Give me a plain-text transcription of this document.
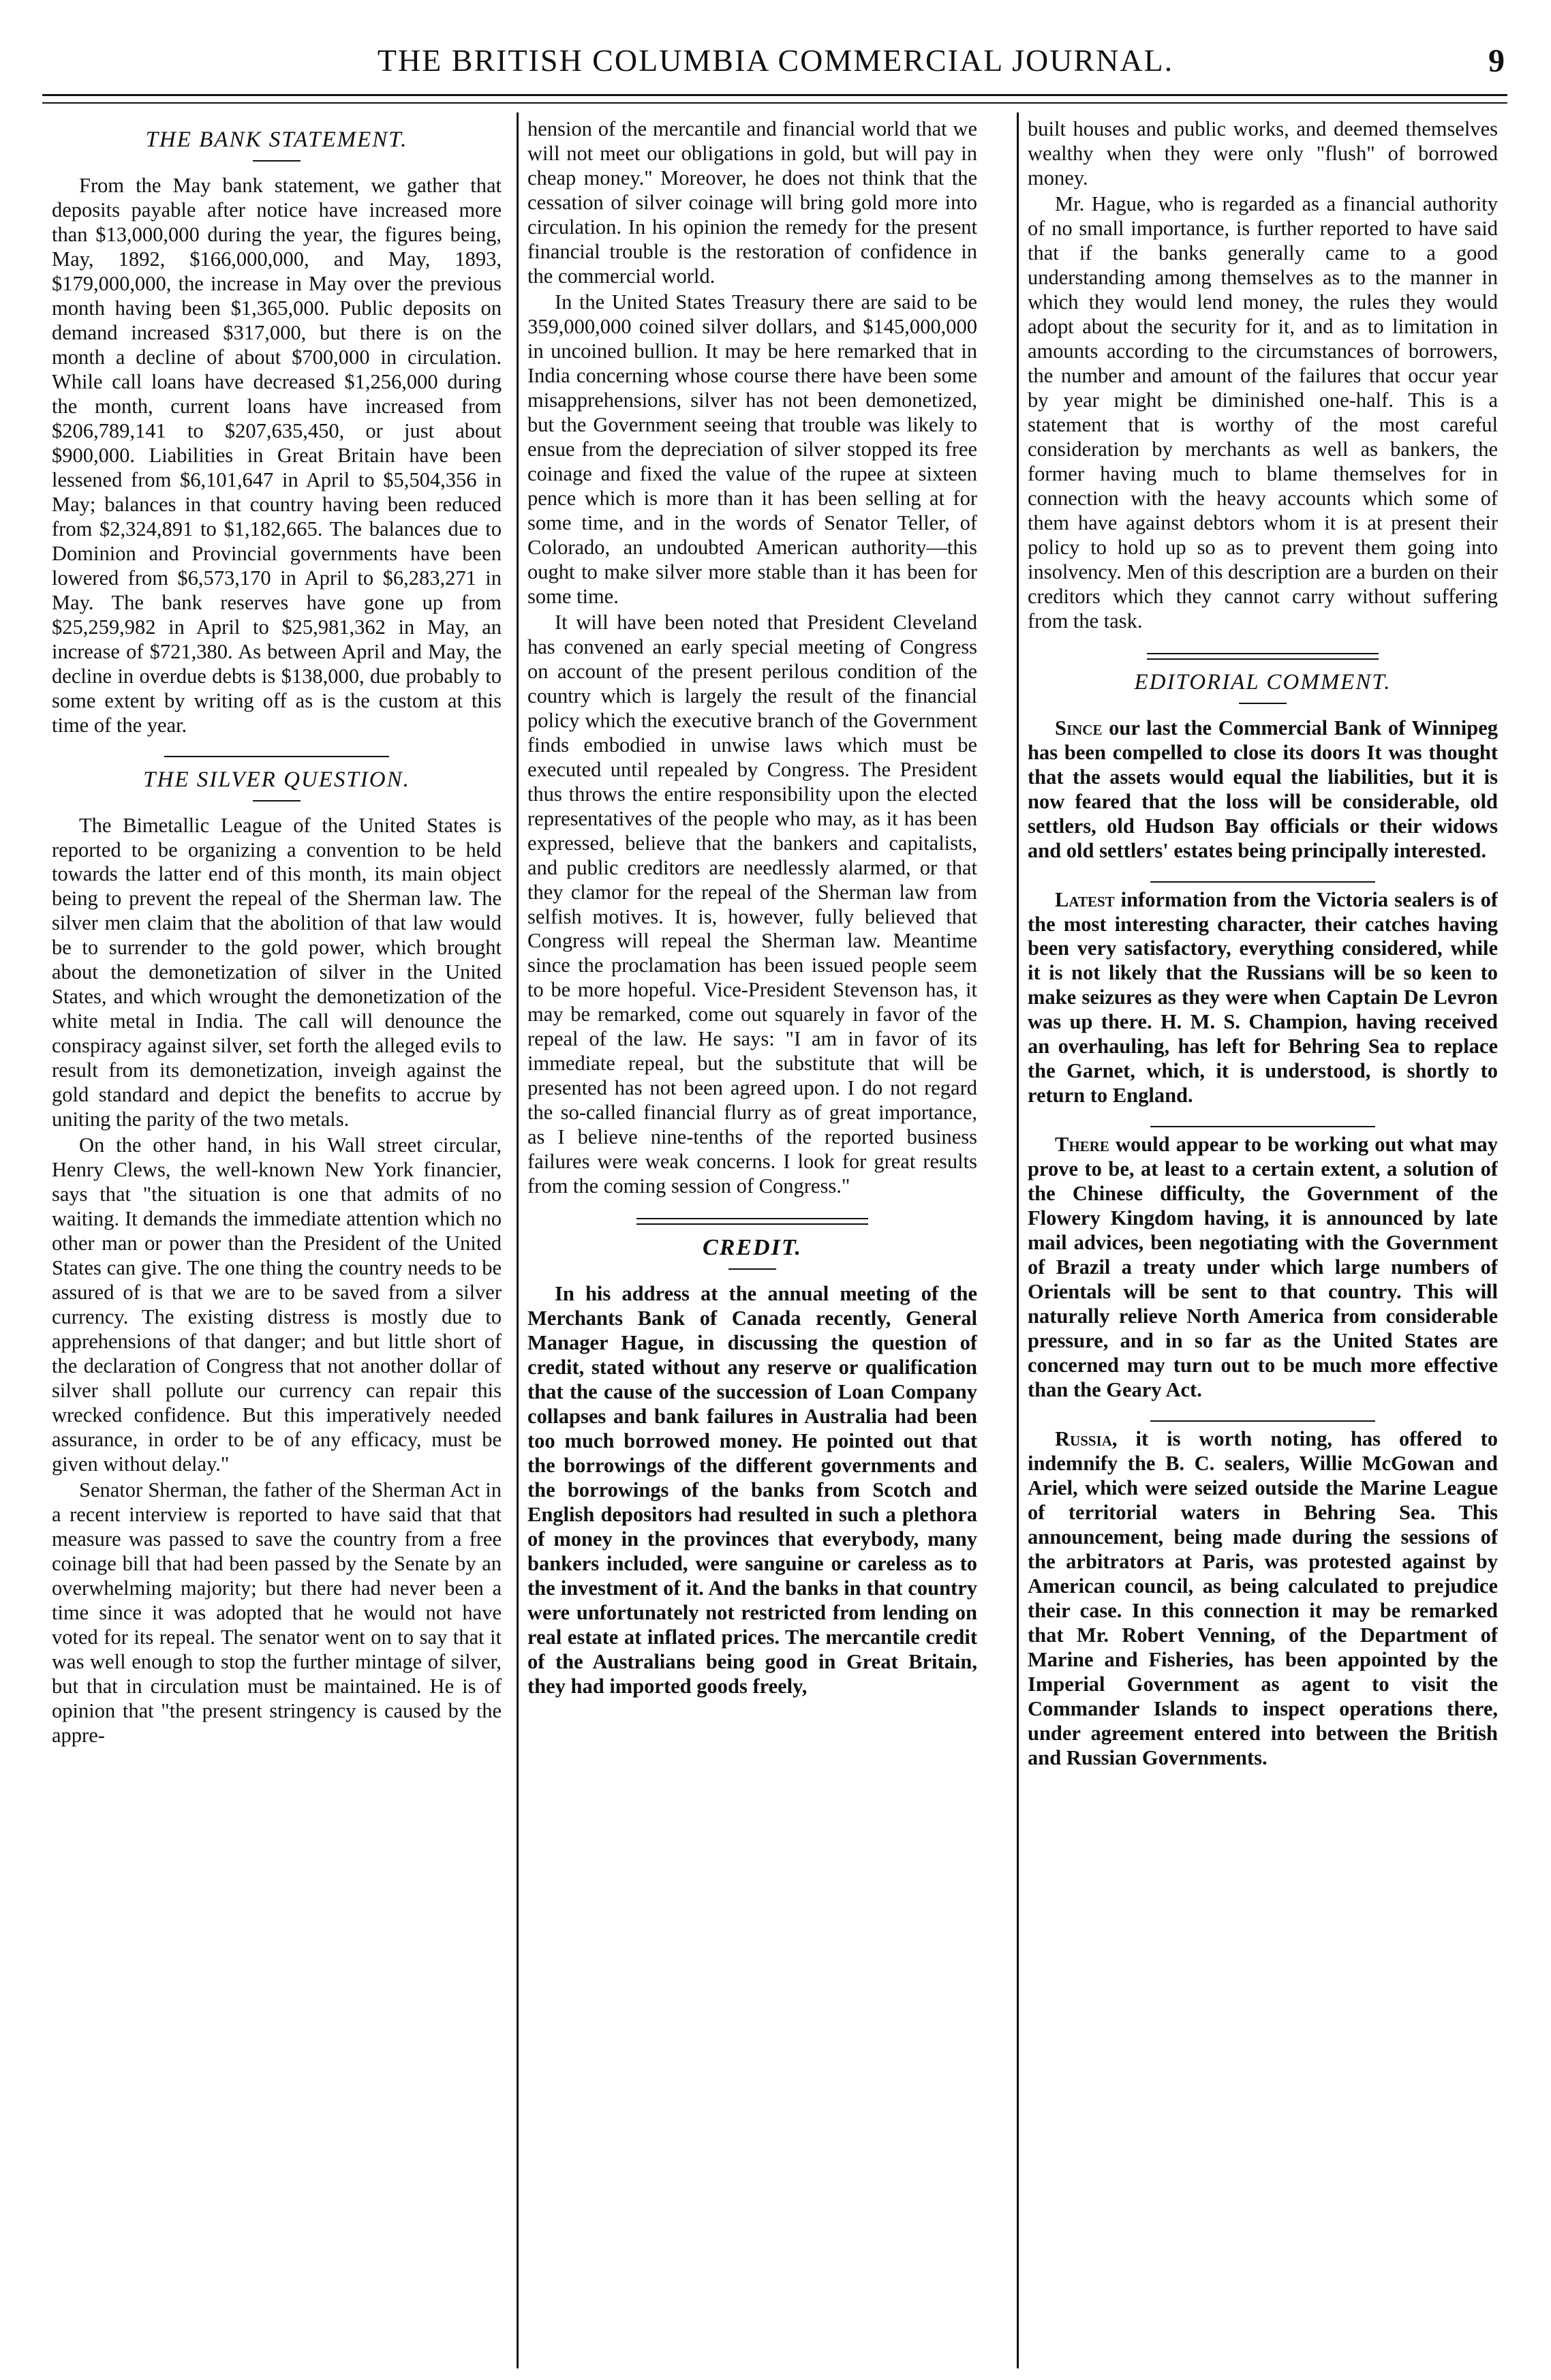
THE BRITISH COLUMBIA COMMERCIAL JOURNAL.	9
THE BANK STATEMENT.

From the May bank statement, we gather that deposits payable after notice have increased more than $13,000,000 during the year, the figures being, May, 1892, $166,000,000, and May, 1893, $179,000,000, the increase in May over the previous month having been $1,365,000. Public deposits on demand increased $317,000, but there is on the month a decline of about $700,000 in circulation. While call loans have decreased $1,256,000 during the month, current loans have increased from $206,789,141 to $207,635,450, or just about $900,000. Liabilities in Great Britain have been lessened from $6,101,647 in April to $5,504,356 in May; balances in that country having been reduced from $2,324,891 to $1,182,665. The balances due to Dominion and Provincial governments have been lowered from $6,573,170 in April to $6,283,271 in May. The bank reserves have gone up from $25,259,982 in April to $25,981,362 in May, an increase of $721,380. As between April and May, the decline in overdue debts is $138,000, due probably to some extent by writing off as is the custom at this time of the year.

THE SILVER QUESTION.

The Bimetallic League of the United States is reported to be organizing a convention to be held towards the latter end of this month, its main object being to prevent the repeal of the Sherman law. The silver men claim that the abolition of that law would be to surrender to the gold power, which brought about the demonetization of silver in the United States, and which wrought the demonetization of the white metal in India. The call will denounce the conspiracy against silver, set forth the alleged evils to result from its demonetization, inveigh against the gold standard and depict the benefits to accrue by uniting the parity of the two metals.

On the other hand, in his Wall street circular, Henry Clews, the well-known New York financier, says that "the situation is one that admits of no waiting. It demands the immediate attention which no other man or power than the President of the United States can give. The one thing the country needs to be assured of is that we are to be saved from a silver currency. The existing distress is mostly due to apprehensions of that danger; and but little short of the declaration of Congress that not another dollar of silver shall pollute our currency can repair this wrecked confidence. But this imperatively needed assurance, in order to be of any efficacy, must be given without delay."

Senator Sherman, the father of the Sherman Act in a recent interview is reported to have said that that measure was passed to save the country from a free coinage bill that had been passed by the Senate by an overwhelming majority; but there had never been a time since it was adopted that he would not have voted for its repeal. The senator went on to say that it was well enough to stop the further mintage of silver, but that in circulation must be maintained. He is of opinion that "the present stringency is caused by the appre-

hension of the mercantile and financial world that we will not meet our obligations in gold, but will pay in cheap money." Moreover, he does not think that the cessation of silver coinage will bring gold more into circulation. In his opinion the remedy for the present financial trouble is the restoration of confidence in the commercial world.

In the United States Treasury there are said to be 359,000,000 coined silver dollars, and $145,000,000 in uncoined bullion. It may be here remarked that in India concerning whose course there have been some misapprehensions, silver has not been demonetized, but the Government seeing that trouble was likely to ensue from the depreciation of silver stopped its free coinage and fixed the value of the rupee at sixteen pence which is more than it has been selling at for some time, and in the words of Senator Teller, of Colorado, an undoubted American authority—this ought to make silver more stable than it has been for some time.

It will have been noted that President Cleveland has convened an early special meeting of Congress on account of the present perilous condition of the country which is largely the result of the financial policy which the executive branch of the Government finds embodied in unwise laws which must be executed until repealed by Congress. The President thus throws the entire responsibility upon the elected representatives of the people who may, as it has been expressed, believe that the bankers and capitalists, and public creditors are needlessly alarmed, or that they clamor for the repeal of the Sherman law from selfish motives. It is, however, fully believed that Congress will repeal the Sherman law. Meantime since the proclamation has been issued people seem to be more hopeful. Vice-President Stevenson has, it may be remarked, come out squarely in favor of the repeal of the law. He says: "I am in favor of its immediate repeal, but the substitute that will be presented has not been agreed upon. I do not regard the so-called financial flurry as of great importance, as I believe nine-tenths of the reported business failures were weak concerns. I look for great results from the coming session of Congress."

CREDIT.

In his address at the annual meeting of the Merchants Bank of Canada recently, General Manager Hague, in discussing the question of credit, stated without any reserve or qualification that the cause of the succession of Loan Company collapses and bank failures in Australia had been too much borrowed money. He pointed out that the borrowings of the different governments and the borrowings of the banks from Scotch and English depositors had resulted in such a plethora of money in the provinces that everybody, many bankers included, were sanguine or careless as to the investment of it. And the banks in that country were unfortunately not restricted from lending on real estate at inflated prices. The mercantile credit of the Australians being good in Great Britain, they had imported goods freely,

built houses and public works, and deemed themselves wealthy when they were only "flush" of borrowed money.

Mr. Hague, who is regarded as a financial authority of no small importance, is further reported to have said that if the banks generally came to a good understanding among themselves as to the manner in which they would lend money, the rules they would adopt about the security for it, and as to limitation in amounts according to the circumstances of borrowers, the number and amount of the failures that occur year by year might be diminished one-half. This is a statement that is worthy of the most careful consideration by merchants as well as bankers, the former having much to blame themselves for in connection with the heavy accounts which some of them have against debtors whom it is at present their policy to hold up so as to prevent them going into insolvency. Men of this description are a burden on their creditors which they cannot carry without suffering from the task.

EDITORIAL COMMENT.

Since our last the Commercial Bank of Winnipeg has been compelled to close its doors It was thought that the assets would equal the liabilities, but it is now feared that the loss will be considerable, old settlers, old Hudson Bay officials or their widows and old settlers' estates being principally interested.

Latest information from the Victoria sealers is of the most interesting character, their catches having been very satisfactory, everything considered, while it is not likely that the Russians will be so keen to make seizures as they were when Captain De Levron was up there. H. M. S. Champion, having received an overhauling, has left for Behring Sea to replace the Garnet, which, it is understood, is shortly to return to England.

There would appear to be working out what may prove to be, at least to a certain extent, a solution of the Chinese difficulty, the Government of the Flowery Kingdom having, it is announced by late mail advices, been negotiating with the Government of Brazil a treaty under which large numbers of Orientals will be sent to that country. This will naturally relieve North America from considerable pressure, and in so far as the United States are concerned may turn out to be much more effective than the Geary Act.

Russia, it is worth noting, has offered to indemnify the B. C. sealers, Willie McGowan and Ariel, which were seized outside the Marine League of territorial waters in Behring Sea. This announcement, being made during the sessions of the arbitrators at Paris, was protested against by American council, as being calculated to prejudice their case. In this connection it may be remarked that Mr. Robert Venning, of the Department of Marine and Fisheries, has been appointed by the Imperial Government as agent to visit the Commander Islands to inspect operations there, under agreement entered into between the British and Russian Governments.
